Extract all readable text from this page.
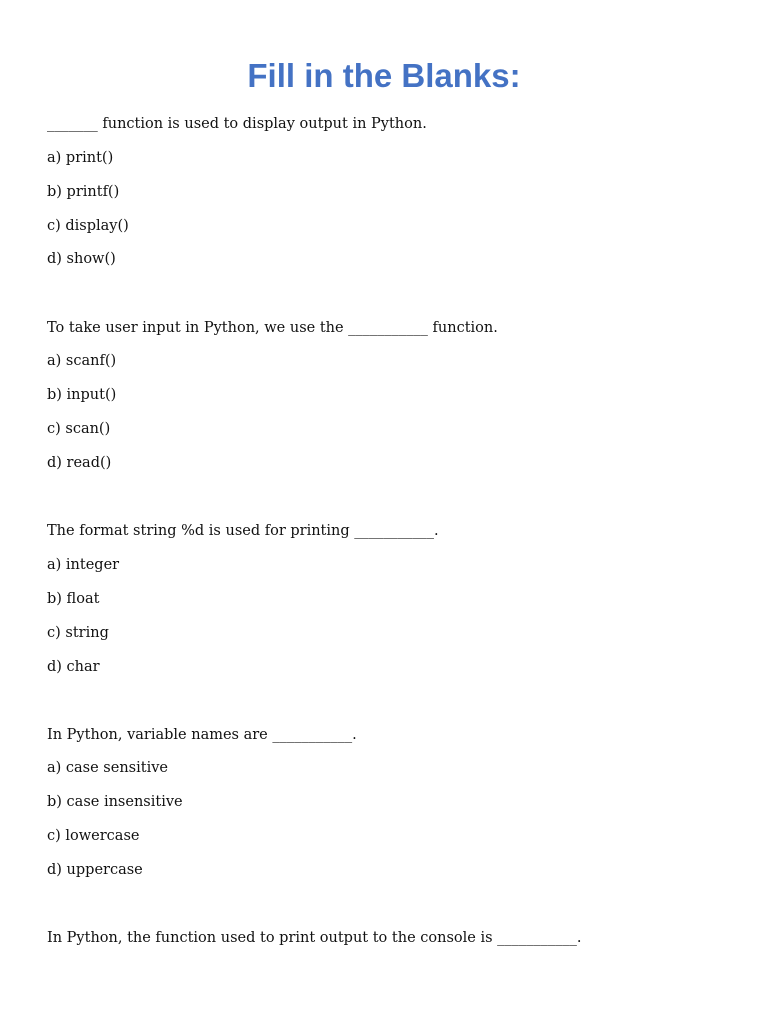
Fill in the Blanks:

_______ function is used to display output in Python.

a) print()

b) printf()

c) display()

d) show()

To take user input in Python, we use the ___________ function.

a) scanf()

b) input()

c) scan()

d) read()

The format string %d is used for printing ___________.

a) integer

b) float

c) string

d) char

In Python, variable names are ___________.

a) case sensitive

b) case insensitive

c) lowercase

d) uppercase

In Python, the function used to print output to the console is ___________.
